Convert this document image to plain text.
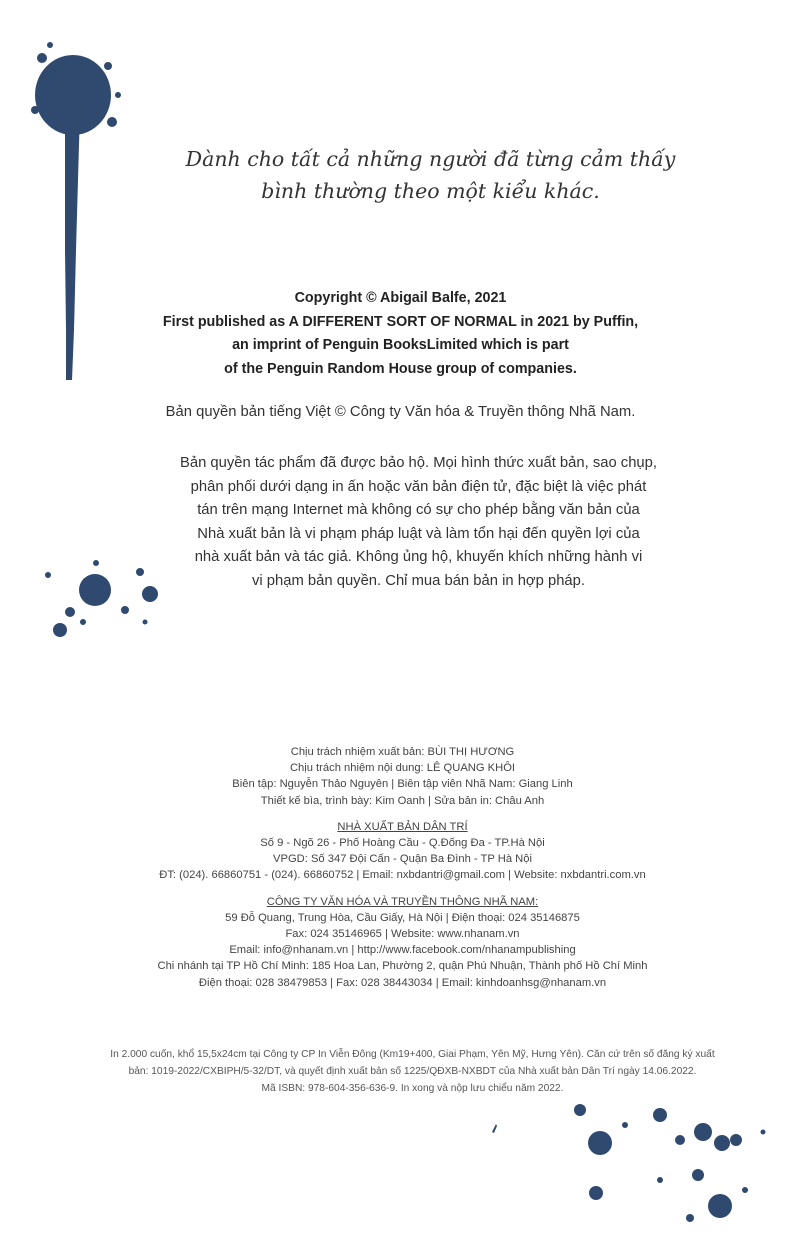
Dành cho tất cả những người đã từng cảm thấy
bình thường theo một kiểu khác.
Copyright © Abigail Balfe, 2021
First published as A DIFFERENT SORT OF NORMAL in 2021 by Puffin,
an imprint of Penguin BooksLimited which is part
of the Penguin Random House group of companies.
Bản quyền bản tiếng Việt © Công ty Văn hóa & Truyền thông Nhã Nam.
Bản quyền tác phẩm đã được bảo hộ. Mọi hình thức xuất bản, sao chụp,
phân phối dưới dạng in ấn hoặc văn bản điện tử, đặc biệt là việc phát
tán trên mạng Internet mà không có sự cho phép bằng văn bản của
Nhà xuất bản là vi phạm pháp luật và làm tổn hại đến quyền lợi của
nhà xuất bản và tác giả. Không ủng hộ, khuyến khích những hành vi
vi phạm bản quyền. Chỉ mua bán bản in hợp pháp.
Chịu trách nhiệm xuất bản: BÙI THỊ HƯƠNG
Chịu trách nhiệm nội dung: LÊ QUANG KHÔI
Biên tập: Nguyễn Thảo Nguyên | Biên tập viên Nhã Nam: Giang Linh
Thiết kế bìa, trình bày: Kim Oanh | Sửa bản in: Châu Anh
NHÀ XUẤT BẢN DÂN TRÍ
Số 9 - Ngõ 26 - Phố Hoàng Cầu - Q.Đống Đa - TP.Hà Nội
VPGD: Số 347 Đội Cấn - Quận Ba Đình - TP Hà Nội
ĐT: (024). 66860751 - (024). 66860752 | Email: nxbdantri@gmail.com | Website: nxbdantri.com.vn
CÔNG TY VĂN HÓA VÀ TRUYỀN THÔNG NHÃ NAM:
59 Đỗ Quang, Trung Hòa, Cầu Giấy, Hà Nội | Điện thoại: 024 35146875
Fax: 024 35146965 | Website: www.nhanam.vn
Email: info@nhanam.vn | http://www.facebook.com/nhanampublishing
Chi nhánh tại TP Hồ Chí Minh: 185 Hoa Lan, Phường 2, quận Phú Nhuận, Thành phố Hồ Chí Minh
Điện thoại: 028 38479853 | Fax: 028 38443034 | Email: kinhdoanhsg@nhanam.vn
In 2.000 cuốn, khổ 15,5x24cm tại Công ty CP In Viễn Đông (Km19+400, Giai Phạm, Yên Mỹ, Hưng Yên). Căn cứ trên số đăng ký xuất
bản: 1019-2022/CXBIPH/5-32/DT, và quyết định xuất bản số 1225/QĐXB-NXBDT của Nhà xuất bản Dân Trí ngày 14.06.2022.
Mã ISBN: 978-604-356-636-9. In xong và nộp lưu chiểu năm 2022.
